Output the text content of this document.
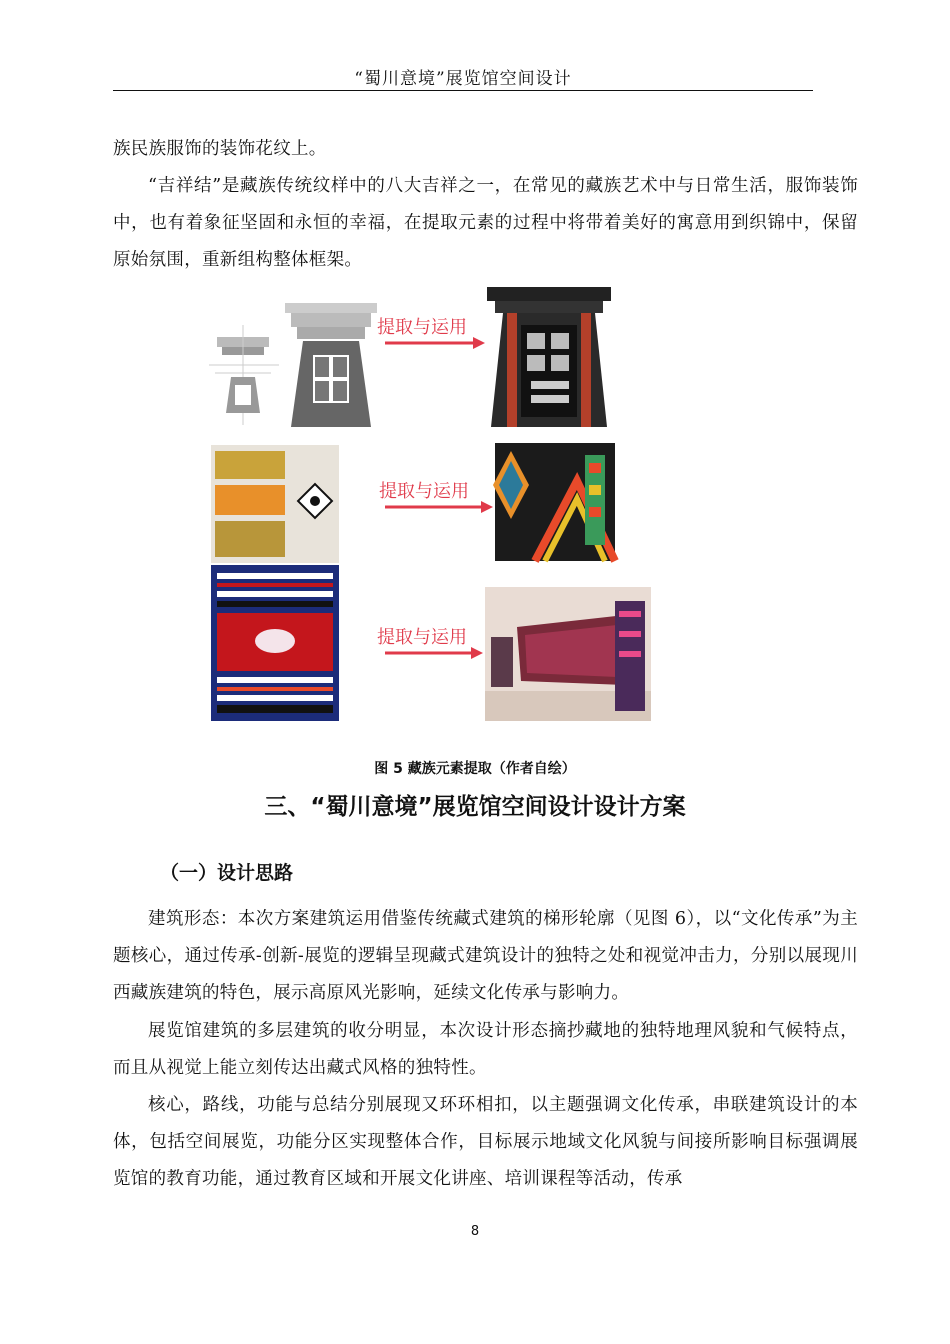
“蜀川意境”展览馆空间设计
族民族服饰的装饰花纹上。
“吉祥结”是藏族传统纹样中的八大吉祥之一，在常见的藏族艺术中与日常生活，服饰装饰中，也有着象征坚固和永恒的幸福，在提取元素的过程中将带着美好的寓意用到织锦中，保留原始氛围，重新组构整体框架。
提取与运用
提取与运用
提取与运用
图 5 藏族元素提取（作者自绘）
三、“蜀川意境”展览馆空间设计设计方案
（一）设计思路
建筑形态：本次方案建筑运用借鉴传统藏式建筑的梯形轮廓（见图 6），以“文化传承”为主题核心，通过传承-创新-展览的逻辑呈现藏式建筑设计的独特之处和视觉冲击力，分别以展现川西藏族建筑的特色，展示高原风光影响，延续文化传承与影响力。
展览馆建筑的多层建筑的收分明显，本次设计形态摘抄藏地的独特地理风貌和气候特点，而且从视觉上能立刻传达出藏式风格的独特性。
核心，路线，功能与总结分别展现又环环相扣，以主题强调文化传承，串联建筑设计的本体，包括空间展览，功能分区实现整体合作，目标展示地域文化风貌与间接所影响目标强调展览馆的教育功能，通过教育区域和开展文化讲座、培训课程等活动，传承
8
